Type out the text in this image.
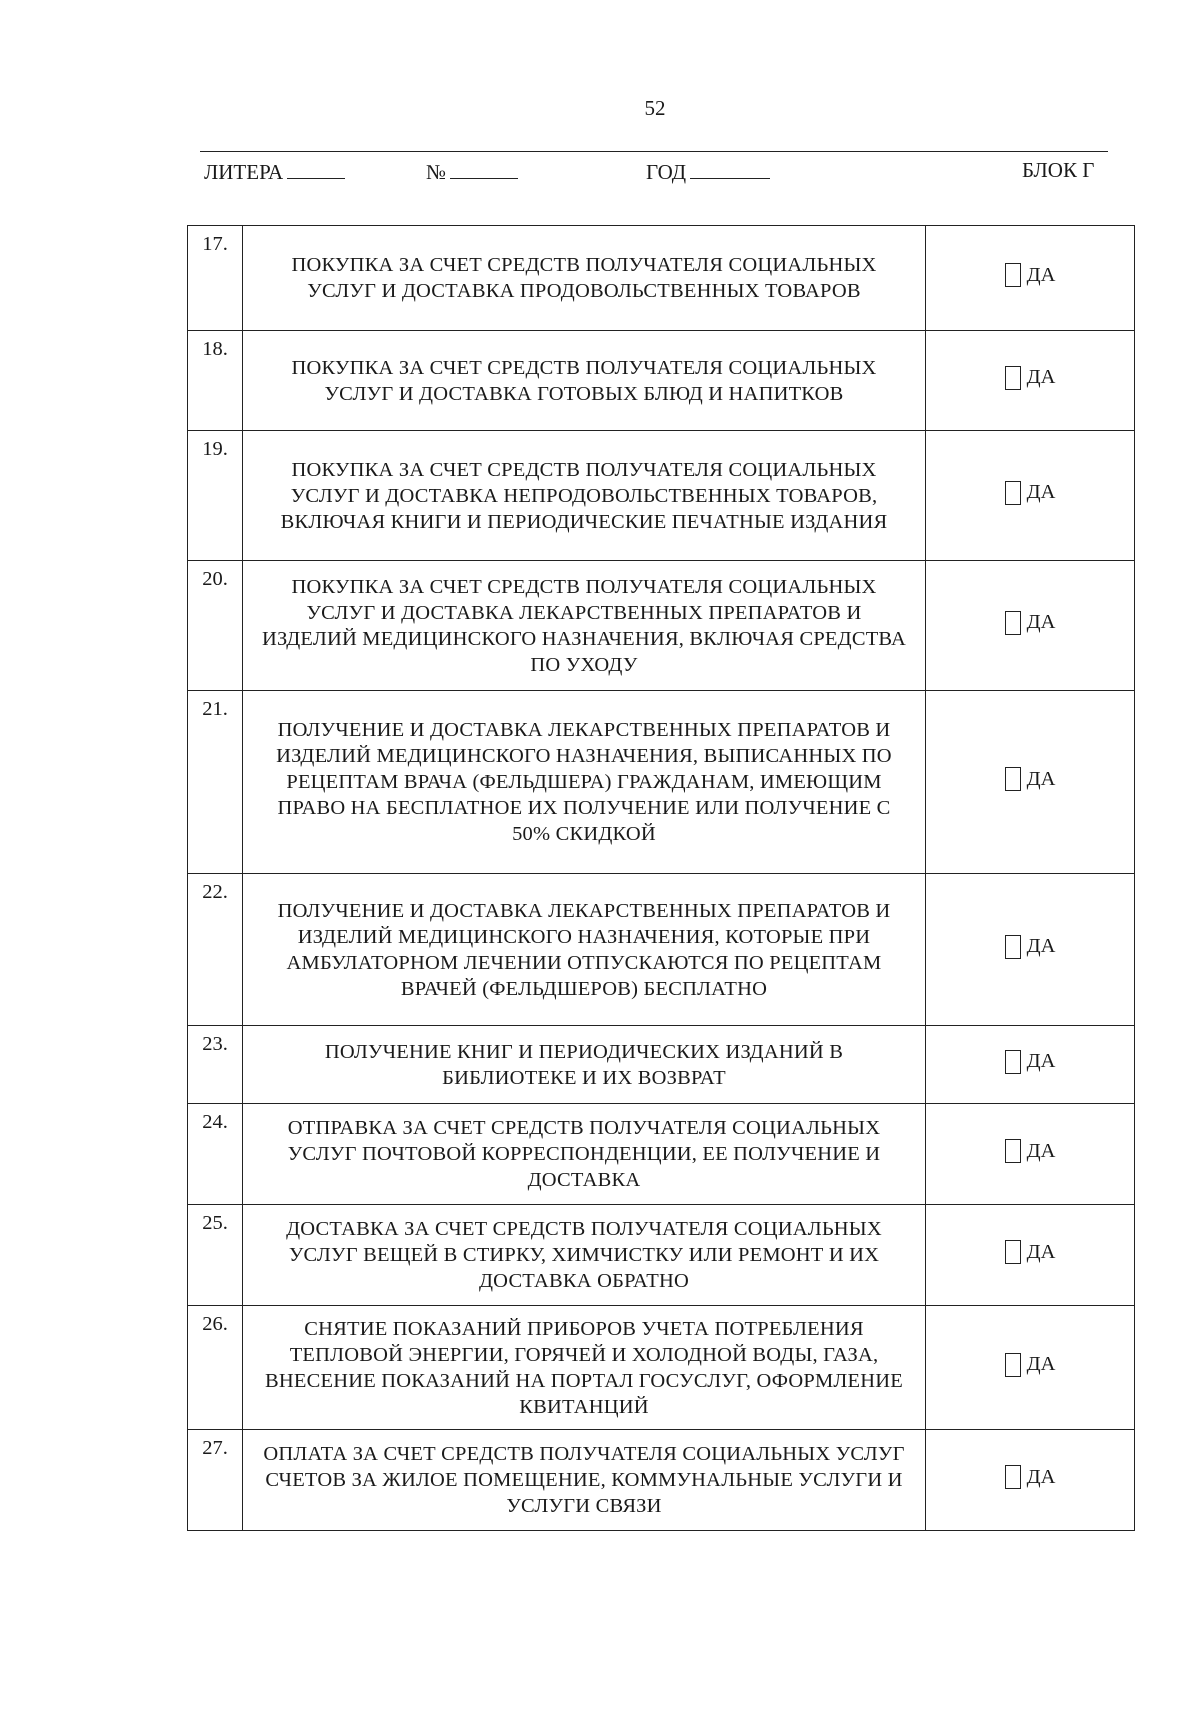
52
ЛИТЕРА	№	ГОД	БЛОК Г
17.	ПОКУПКА ЗА СЧЕТ СРЕДСТВ ПОЛУЧАТЕЛЯ СОЦИАЛЬНЫХ УСЛУГ И ДОСТАВКА ПРОДОВОЛЬСТВЕННЫХ ТОВАРОВ	ДА

18.	ПОКУПКА ЗА СЧЕТ СРЕДСТВ ПОЛУЧАТЕЛЯ СОЦИАЛЬНЫХ УСЛУГ И ДОСТАВКА ГОТОВЫХ БЛЮД И НАПИТКОВ	ДА

19.	ПОКУПКА ЗА СЧЕТ СРЕДСТВ ПОЛУЧАТЕЛЯ СОЦИАЛЬНЫХ УСЛУГ И ДОСТАВКА НЕПРОДОВОЛЬСТВЕННЫХ ТОВАРОВ, ВКЛЮЧАЯ КНИГИ И ПЕРИОДИЧЕСКИЕ ПЕЧАТНЫЕ ИЗДАНИЯ	ДА

20.	ПОКУПКА ЗА СЧЕТ СРЕДСТВ ПОЛУЧАТЕЛЯ СОЦИАЛЬНЫХ УСЛУГ И ДОСТАВКА ЛЕКАРСТВЕННЫХ ПРЕПАРАТОВ И ИЗДЕЛИЙ МЕДИЦИНСКОГО НАЗНАЧЕНИЯ, ВКЛЮЧАЯ СРЕДСТВА ПО УХОДУ	ДА

21.	ПОЛУЧЕНИЕ И ДОСТАВКА ЛЕКАРСТВЕННЫХ ПРЕПАРАТОВ И ИЗДЕЛИЙ МЕДИЦИНСКОГО НАЗНАЧЕНИЯ, ВЫПИСАННЫХ ПО РЕЦЕПТАМ ВРАЧА (ФЕЛЬДШЕРА) ГРАЖДАНАМ, ИМЕЮЩИМ ПРАВО НА БЕСПЛАТНОЕ ИХ ПОЛУЧЕНИЕ ИЛИ ПОЛУЧЕНИЕ С 50% СКИДКОЙ	ДА

22.	ПОЛУЧЕНИЕ И ДОСТАВКА ЛЕКАРСТВЕННЫХ ПРЕПАРАТОВ И ИЗДЕЛИЙ МЕДИЦИНСКОГО НАЗНАЧЕНИЯ, КОТОРЫЕ ПРИ АМБУЛАТОРНОМ ЛЕЧЕНИИ ОТПУСКАЮТСЯ ПО РЕЦЕПТАМ ВРАЧЕЙ (ФЕЛЬДШЕРОВ) БЕСПЛАТНО	ДА

23.	ПОЛУЧЕНИЕ КНИГ И ПЕРИОДИЧЕСКИХ ИЗДАНИЙ В БИБЛИОТЕКЕ И ИХ ВОЗВРАТ	ДА

24.	ОТПРАВКА ЗА СЧЕТ СРЕДСТВ ПОЛУЧАТЕЛЯ СОЦИАЛЬНЫХ УСЛУГ ПОЧТОВОЙ КОРРЕСПОНДЕНЦИИ, ЕЕ ПОЛУЧЕНИЕ И ДОСТАВКА	ДА

25.	ДОСТАВКА ЗА СЧЕТ СРЕДСТВ ПОЛУЧАТЕЛЯ СОЦИАЛЬНЫХ УСЛУГ ВЕЩЕЙ В СТИРКУ, ХИМЧИСТКУ ИЛИ РЕМОНТ И ИХ ДОСТАВКА ОБРАТНО	ДА

26.	СНЯТИЕ ПОКАЗАНИЙ ПРИБОРОВ УЧЕТА ПОТРЕБЛЕНИЯ ТЕПЛОВОЙ ЭНЕРГИИ, ГОРЯЧЕЙ И ХОЛОДНОЙ ВОДЫ, ГАЗА, ВНЕСЕНИЕ ПОКАЗАНИЙ НА ПОРТАЛ ГОСУСЛУГ, ОФОРМЛЕНИЕ КВИТАНЦИЙ	ДА

27.	ОПЛАТА ЗА СЧЕТ СРЕДСТВ ПОЛУЧАТЕЛЯ СОЦИАЛЬНЫХ УСЛУГ СЧЕТОВ ЗА ЖИЛОЕ ПОМЕЩЕНИЕ, КОММУНАЛЬНЫЕ УСЛУГИ И УСЛУГИ СВЯЗИ	ДА
